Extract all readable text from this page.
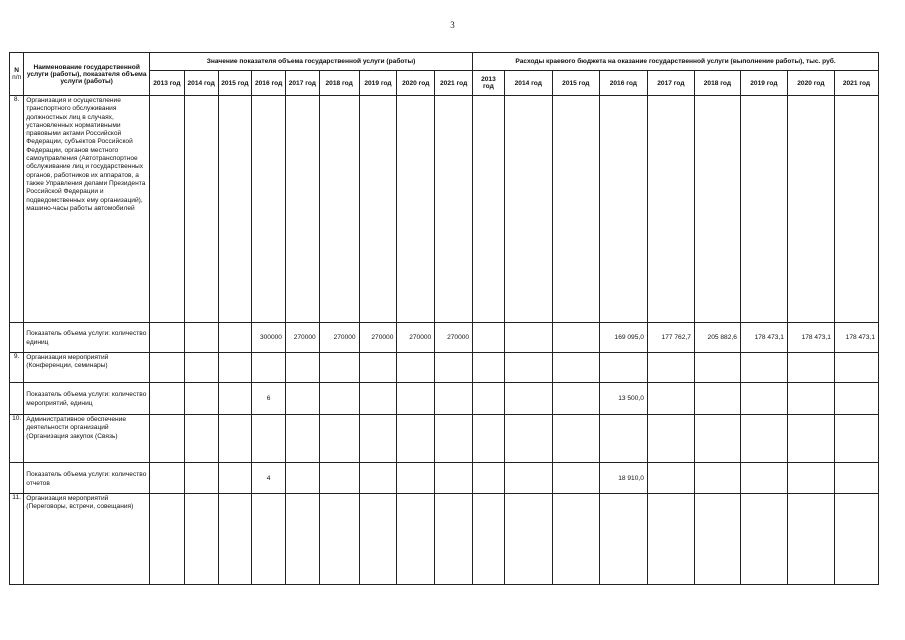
3
N
п/п	Наименование государственной услуги (работы), показателя объема услуги (работы)	Значение показателя объема государственной услуги (работы)									Расходы краевого бюджета на оказание государственной услуги (выполнение работы), тыс. руб.								
		2013 год	2014 год	2015 год	2016 год	2017 год	2018 год	2019 год	2020 год	2021 год	2013 год	2014 год	2015 год	2016 год	2017 год	2018 год	2019 год	2020 год	2021 год
8.	Организация и осуществление транспортного обслуживания должностных лиц в случаях, установленных нормативными правовыми актами Российской Федерации, субъектов Российской Федерации, органов местного самоуправления (Автотранспортное обслуживание лиц и государственных органов, работников их аппаратов, а также Управления делами Президента Российской Федерации и подведомственных ему организаций), машино-часы работы автомобилей																		
	Показатель объема услуги: количество единиц				300000	270000	270000	270000	270000	270000				169 095,0	177 762,7	205 882,6	178 473,1	178 473,1	178 473,1
9.	Организация мероприятий (Конференции, семинары)																		
	Показатель объема услуги: количество мероприятий, единиц				6									13 500,0					
10.	Административное обеспечение деятельности организаций (Организация закупок (Связь)																		
	Показатель объема услуги: количество отчетов				4									18 910,0					
11.	Организация мероприятий (Переговоры, встречи, совещания)																		
